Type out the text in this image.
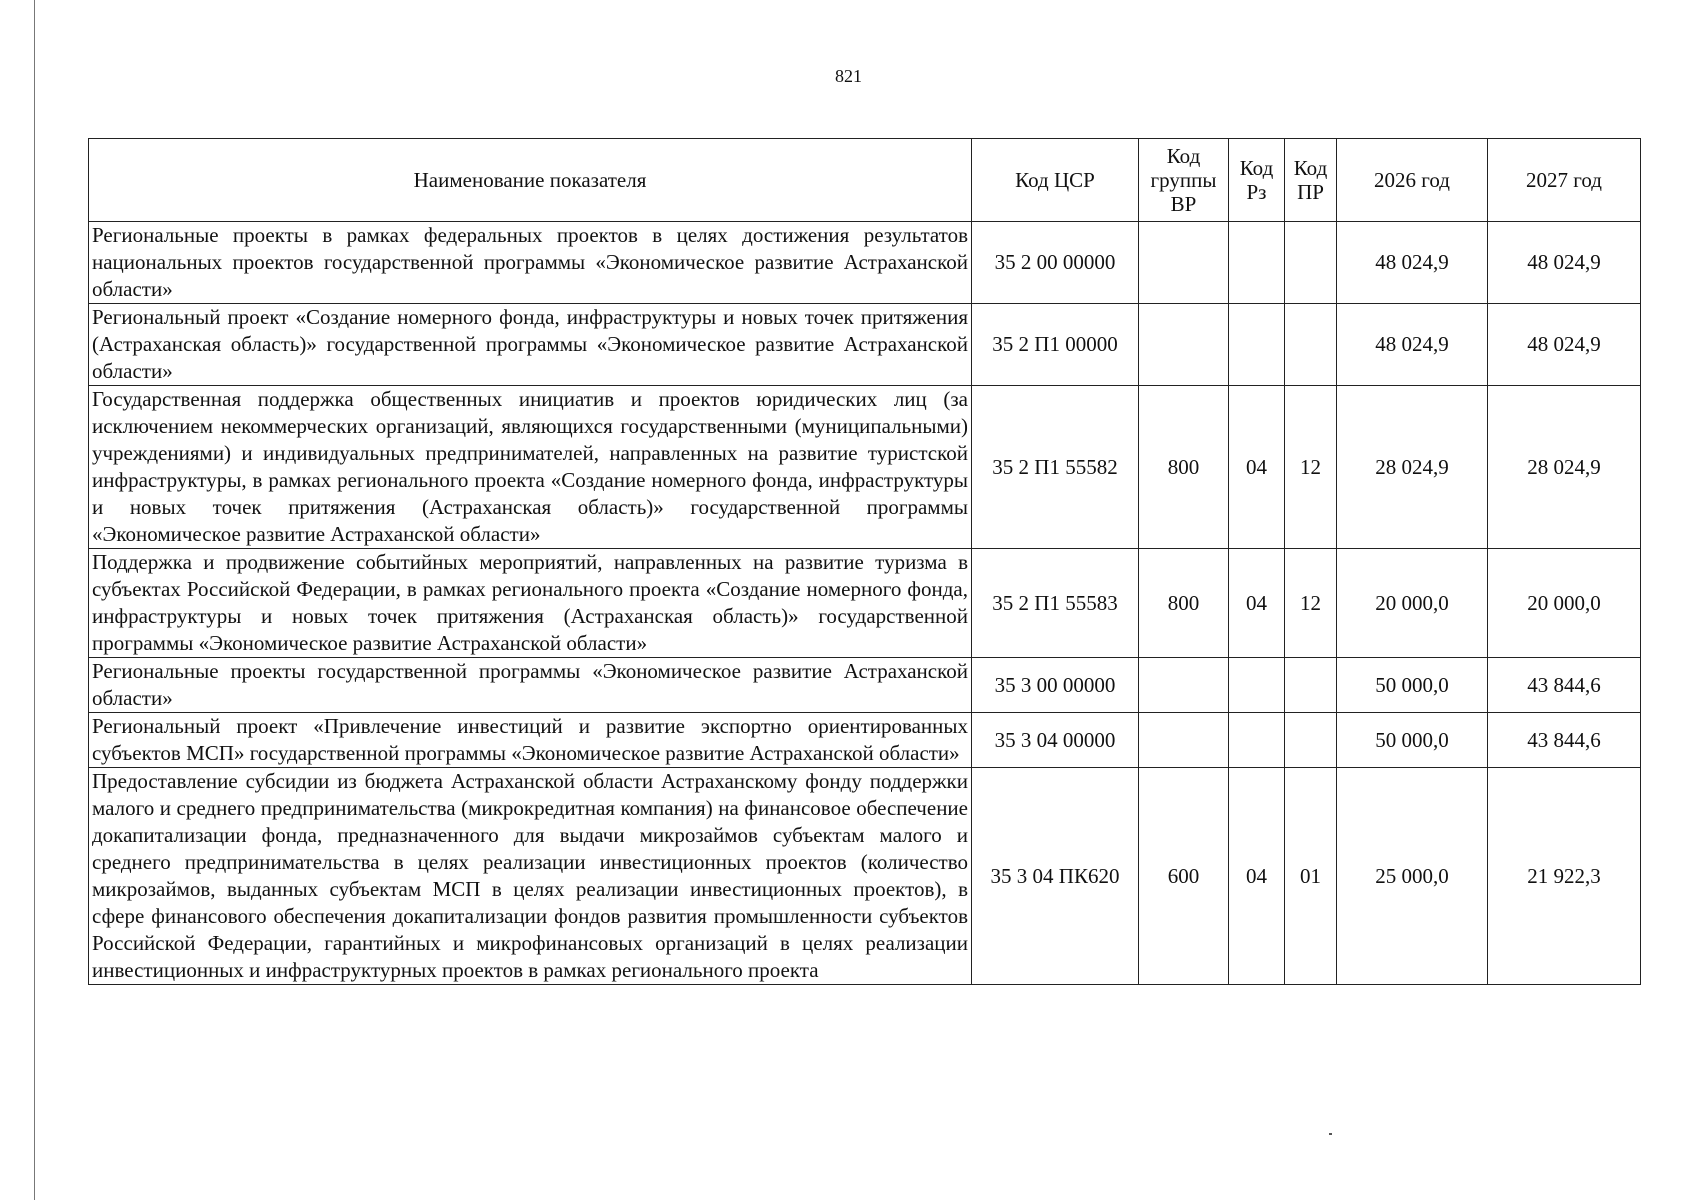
821
Наименование показателя	Код ЦСР	Код группы ВР	Код Рз	Код ПР	2026 год	2027 год
Региональные проекты в рамках федеральных проектов в целях достижения результатов национальных проектов государственной программы «Экономическое развитие Астраханской области»	35 2 00 00000				48 024,9	48 024,9
Региональный проект «Создание номерного фонда, инфраструктуры и новых точек притяжения (Астраханская область)» государственной программы «Экономическое развитие Астраханской области»	35 2 П1 00000				48 024,9	48 024,9
Государственная поддержка общественных инициатив и проектов юридических лиц (за исключением некоммерческих организаций, являющихся государственными (муниципальными) учреждениями) и индивидуальных предпринимателей, направленных на развитие туристской инфраструктуры, в рамках регионального проекта «Создание номерного фонда, инфраструктуры и новых точек притяжения (Астраханская область)» государственной программы «Экономическое развитие Астраханской области»	35 2 П1 55582	800	04	12	28 024,9	28 024,9
Поддержка и продвижение событийных мероприятий, направленных на развитие туризма в субъектах Российской Федерации, в рамках регионального проекта «Создание номерного фонда, инфраструктуры и новых точек притяжения (Астраханская область)» государственной программы «Экономическое развитие Астраханской области»	35 2 П1 55583	800	04	12	20 000,0	20 000,0
Региональные проекты государственной программы «Экономическое развитие Астраханской области»	35 3 00 00000				50 000,0	43 844,6
Региональный проект «Привлечение инвестиций и развитие экспортно ориентированных субъектов МСП» государственной программы «Экономическое развитие Астраханской области»	35 3 04 00000				50 000,0	43 844,6
Предоставление субсидии из бюджета Астраханской области Астраханскому фонду поддержки малого и среднего предпринимательства (микрокредитная компания) на финансовое обеспечение докапитализации фонда, предназначенного для выдачи микрозаймов субъектам малого и среднего предпринимательства в целях реализации инвестиционных проектов (количество микрозаймов, выданных субъектам МСП в целях реализации инвестиционных проектов), в сфере финансового обеспечения докапитализации фондов развития промышленности субъектов Российской Федерации, гарантийных и микрофинансовых организаций в целях реализации инвестиционных и инфраструктурных проектов в рамках регионального проекта	35 3 04 ПК620	600	04	01	25 000,0	21 922,3
